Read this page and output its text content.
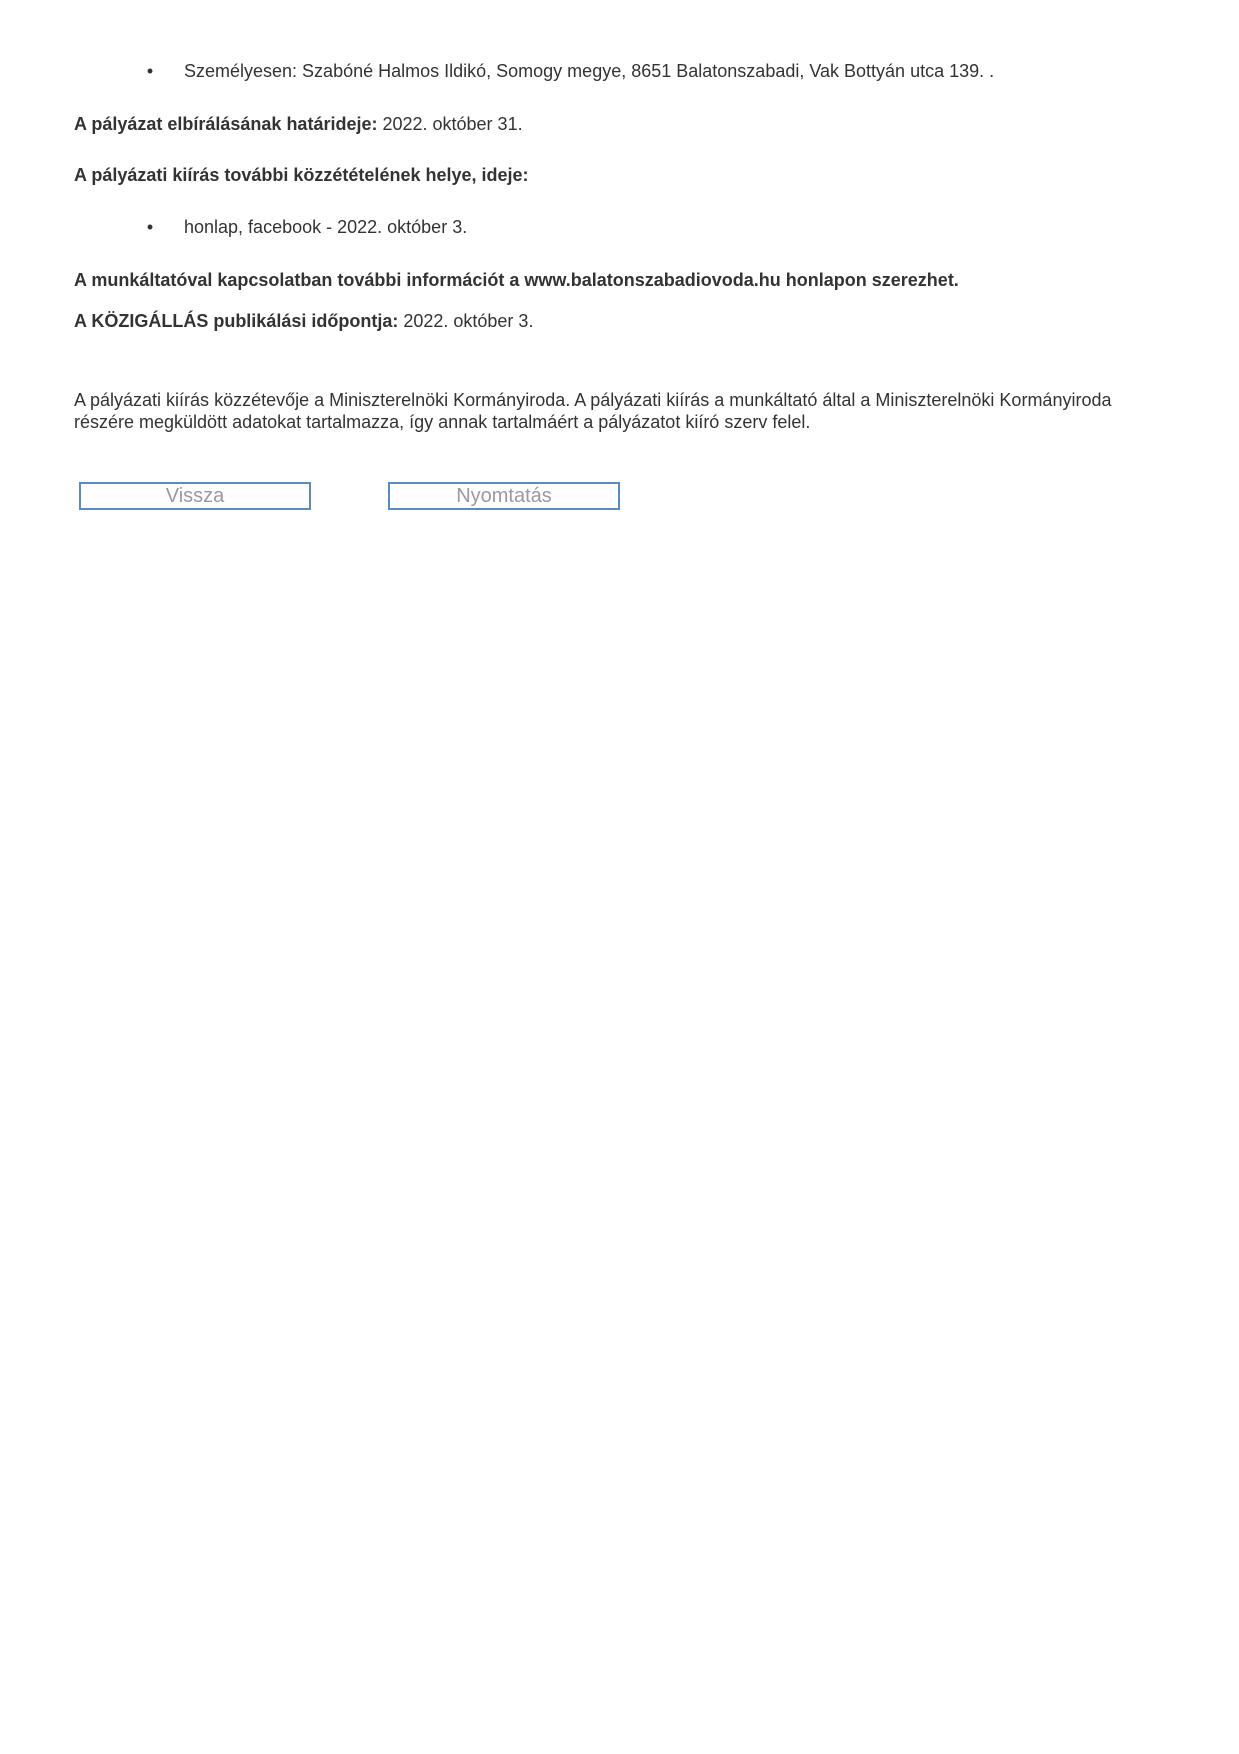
• Személyesen: Szabóné Halmos Ildikó, Somogy megye, 8651 Balatonszabadi, Vak Bottyán utca 139. .

A pályázat elbírálásának határideje: 2022. október 31.

A pályázati kiírás további közzétételének helye, ideje:

• honlap, facebook - 2022. október 3.

A munkáltatóval kapcsolatban további információt a www.balatonszabadiovoda.hu honlapon szerezhet.

A KÖZIGÁLLÁS publikálási időpontja: 2022. október 3.

A pályázati kiírás közzétevője a Miniszterelnöki Kormányiroda. A pályázati kiírás a munkáltató által a Miniszterelnöki Kormányiroda részére megküldött adatokat tartalmazza, így annak tartalmáért a pályázatot kiíró szerv felel.

Vissza	Nyomtatás
